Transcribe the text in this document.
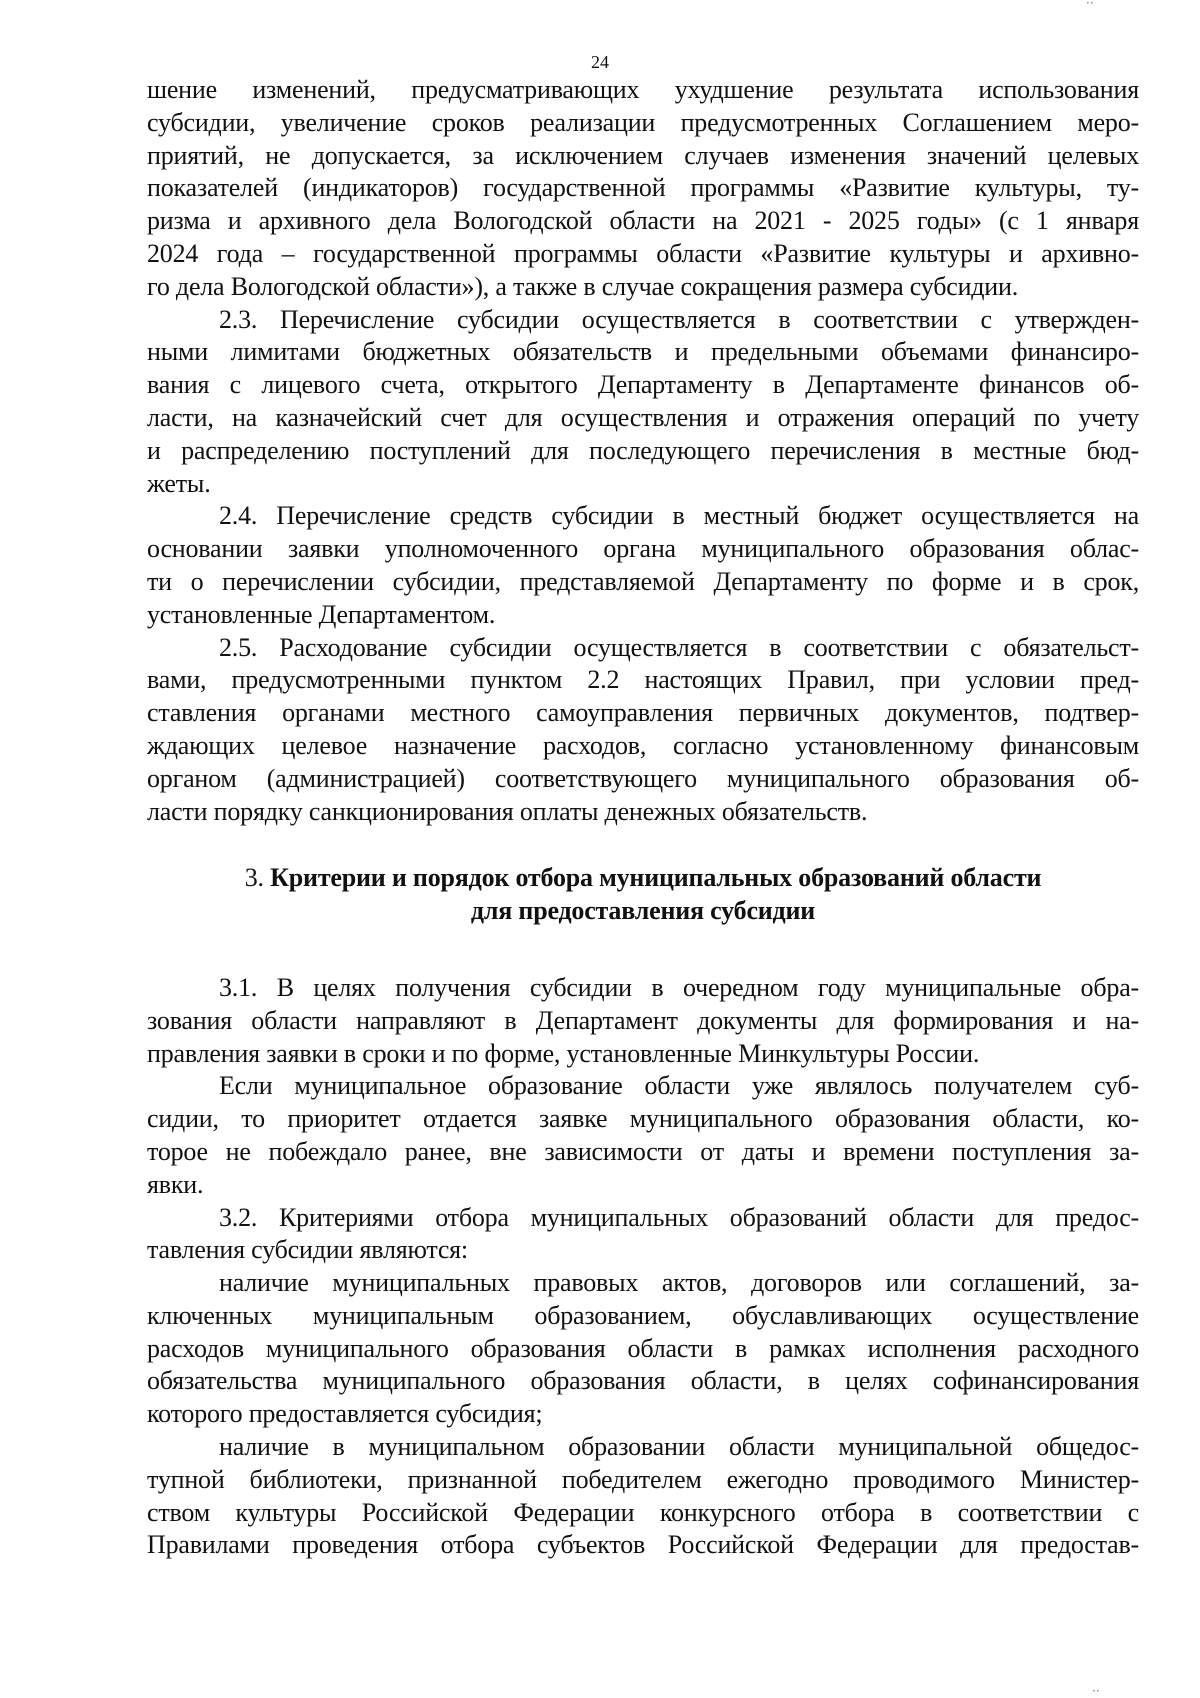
24

шение изменений, предусматривающих ухудшение результата использования
субсидии, увеличение сроков реализации предусмотренных Соглашением меро-
приятий, не допускается, за исключением случаев изменения значений целевых
показателей (индикаторов) государственной программы «Развитие культуры, ту-
ризма и архивного дела Вологодской области на 2021 - 2025 годы» (с 1 января
2024 года – государственной программы области «Развитие культуры и архивно-
го дела Вологодской области»), а также в случае сокращения размера субсидии.

2.3. Перечисление субсидии осуществляется в соответствии с утвержден-
ными лимитами бюджетных обязательств и предельными объемами финансиро-
вания с лицевого счета, открытого Департаменту в Департаменте финансов об-
ласти, на казначейский счет для осуществления и отражения операций по учету
и распределению поступлений для последующего перечисления в местные бюд-
жеты.

2.4. Перечисление средств субсидии в местный бюджет осуществляется на
основании заявки уполномоченного органа муниципального образования облас-
ти о перечислении субсидии, представляемой Департаменту по форме и в срок,
установленные Департаментом.

2.5. Расходование субсидии осуществляется в соответствии с обязательст-
вами, предусмотренными пунктом 2.2 настоящих Правил, при условии пред-
ставления органами местного самоуправления первичных документов, подтвер-
ждающих целевое назначение расходов, согласно установленному финансовым
органом (администрацией) соответствующего муниципального образования об-
ласти порядку санкционирования оплаты денежных обязательств.

3. Критерии и порядок отбора муниципальных образований области
для предоставления субсидии

3.1. В целях получения субсидии в очередном году муниципальные обра-
зования области направляют в Департамент документы для формирования и на-
правления заявки в сроки и по форме, установленные Минкультуры России.

Если муниципальное образование области уже являлось получателем суб-
сидии, то приоритет отдается заявке муниципального образования области, ко-
торое не побеждало ранее, вне зависимости от даты и времени поступления за-
явки.

3.2. Критериями отбора муниципальных образований области для предос-
тавления субсидии являются:

наличие муниципальных правовых актов, договоров или соглашений, за-
ключенных муниципальным образованием, обуславливающих осуществление
расходов муниципального образования области в рамках исполнения расходного
обязательства муниципального образования области, в целях софинансирования
которого предоставляется субсидия;

наличие в муниципальном образовании области муниципальной общедос-
тупной библиотеки, признанной победителем ежегодно проводимого Министер-
ством культуры Российской Федерации конкурсного отбора в соответствии с
Правилами проведения отбора субъектов Российской Федерации для предостав-

··
··
